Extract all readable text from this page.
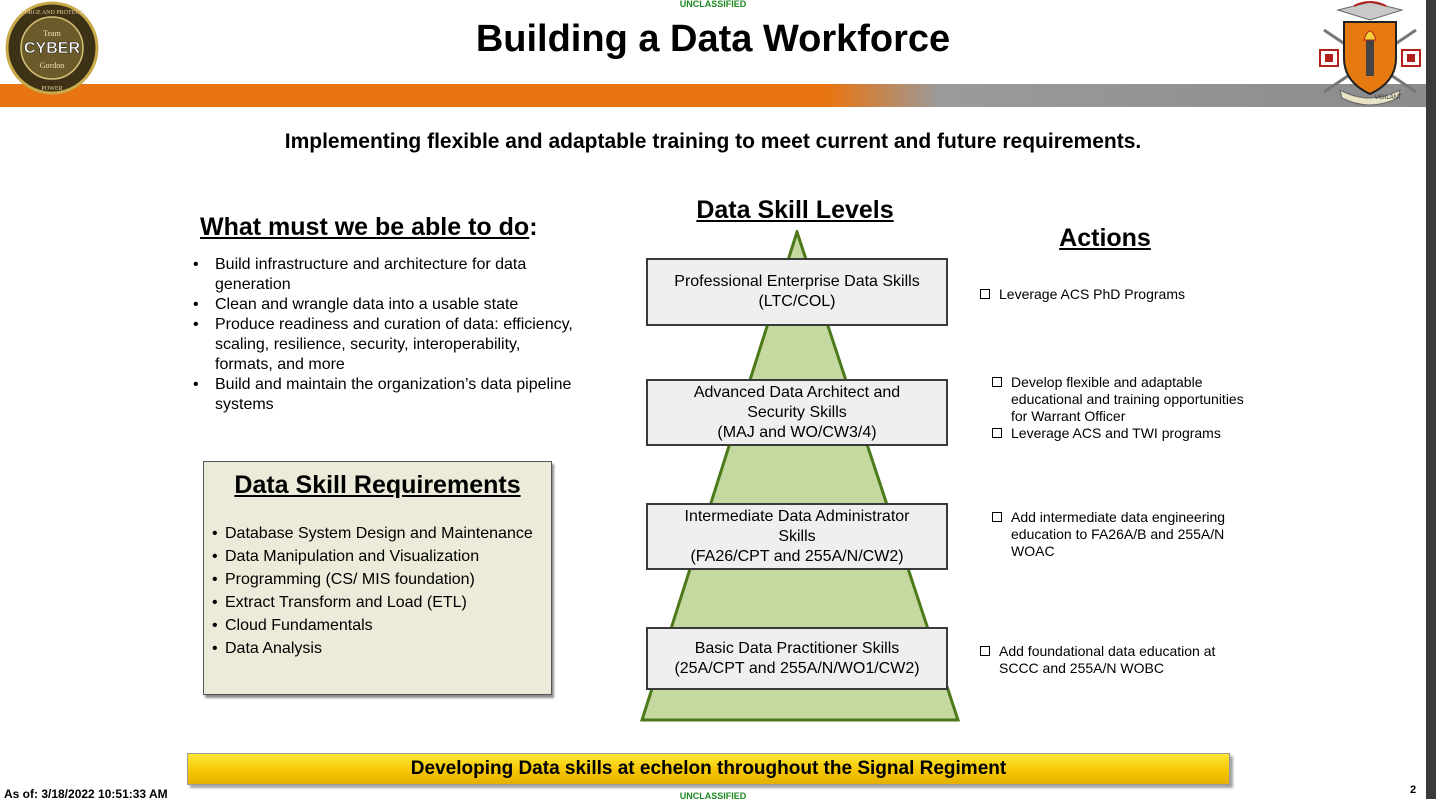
UNCLASSIFIED
FORGE AND PROTECT
Team
CYBER
Gordon
POWER
Building a Data Workforce
VIGILANT
Implementing flexible and adaptable training to meet current and future requirements.
What must we be able to do:
• Build infrastructure and architecture for data generation
• Clean and wrangle data into a usable state
• Produce readiness and curation of data: efficiency, scaling, resilience, security, interoperability, formats, and more
• Build and maintain the organization’s data pipeline systems
Data Skill Requirements
• Database System Design and Maintenance
• Data Manipulation and Visualization
• Programming (CS/ MIS foundation)
• Extract Transform and Load (ETL)
• Cloud Fundamentals
• Data Analysis
Data Skill Levels
Professional Enterprise Data Skills
(LTC/COL)
Advanced Data Architect and Security Skills
(MAJ and WO/CW3/4)
Intermediate Data Administrator Skills
(FA26/CPT and 255A/N/CW2)
Basic Data Practitioner Skills
(25A/CPT and 255A/N/WO1/CW2)
Actions
Leverage ACS PhD Programs
Develop flexible and adaptable educational and training opportunities for Warrant Officer
Leverage ACS and TWI programs
Add intermediate data engineering education to FA26A/B and 255A/N WOAC
Add foundational data education at SCCC and 255A/N WOBC
Developing Data skills at echelon throughout the Signal Regiment
As of: 3/18/2022 10:51:33 AM	UNCLASSIFIED	2
